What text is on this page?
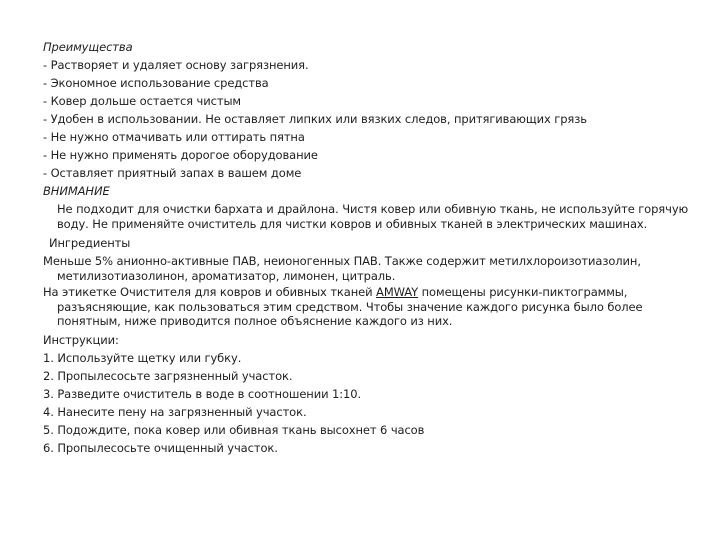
Преимущества
- Растворяет и удаляет основу загрязнения.
- Экономное использование средства
- Ковер дольше остается чистым
- Удобен в использовании. Не оставляет липких или вязких следов, притягивающих грязь
- Не нужно отмачивать или оттирать пятна
- Не нужно применять дорогое оборудование
- Оставляет приятный запах в вашем доме
ВНИМАНИЕ
Не подходит для очистки бархата и драйлона. Чистя ковер или обивную ткань, не используйте горячую воду. Не применяйте очиститель для чистки ковров и обивных тканей в электрических машинах.
Ингредиенты
Меньше 5% анионно-активные ПАВ, неионогенных ПАВ. Также содержит метилхлороизотиазолин, метилизотиазолинон, ароматизатор, лимонен, цитраль.
На этикетке Очистителя для ковров и обивных тканей AMWAY помещены рисунки-пиктограммы, разъясняющие, как пользоваться этим средством. Чтобы значение каждого рисунка было более понятным, ниже приводится полное объяснение каждого из них.
Инструкции:
1. Используйте щетку или губку.
2. Пропылесосьте загрязненный участок.
3. Разведите очиститель в воде в соотношении 1:10.
4. Нанесите пену на загрязненный участок.
5. Подождите, пока ковер или обивная ткань высохнет 6 часов
6. Пропылесосьте очищенный участок.
